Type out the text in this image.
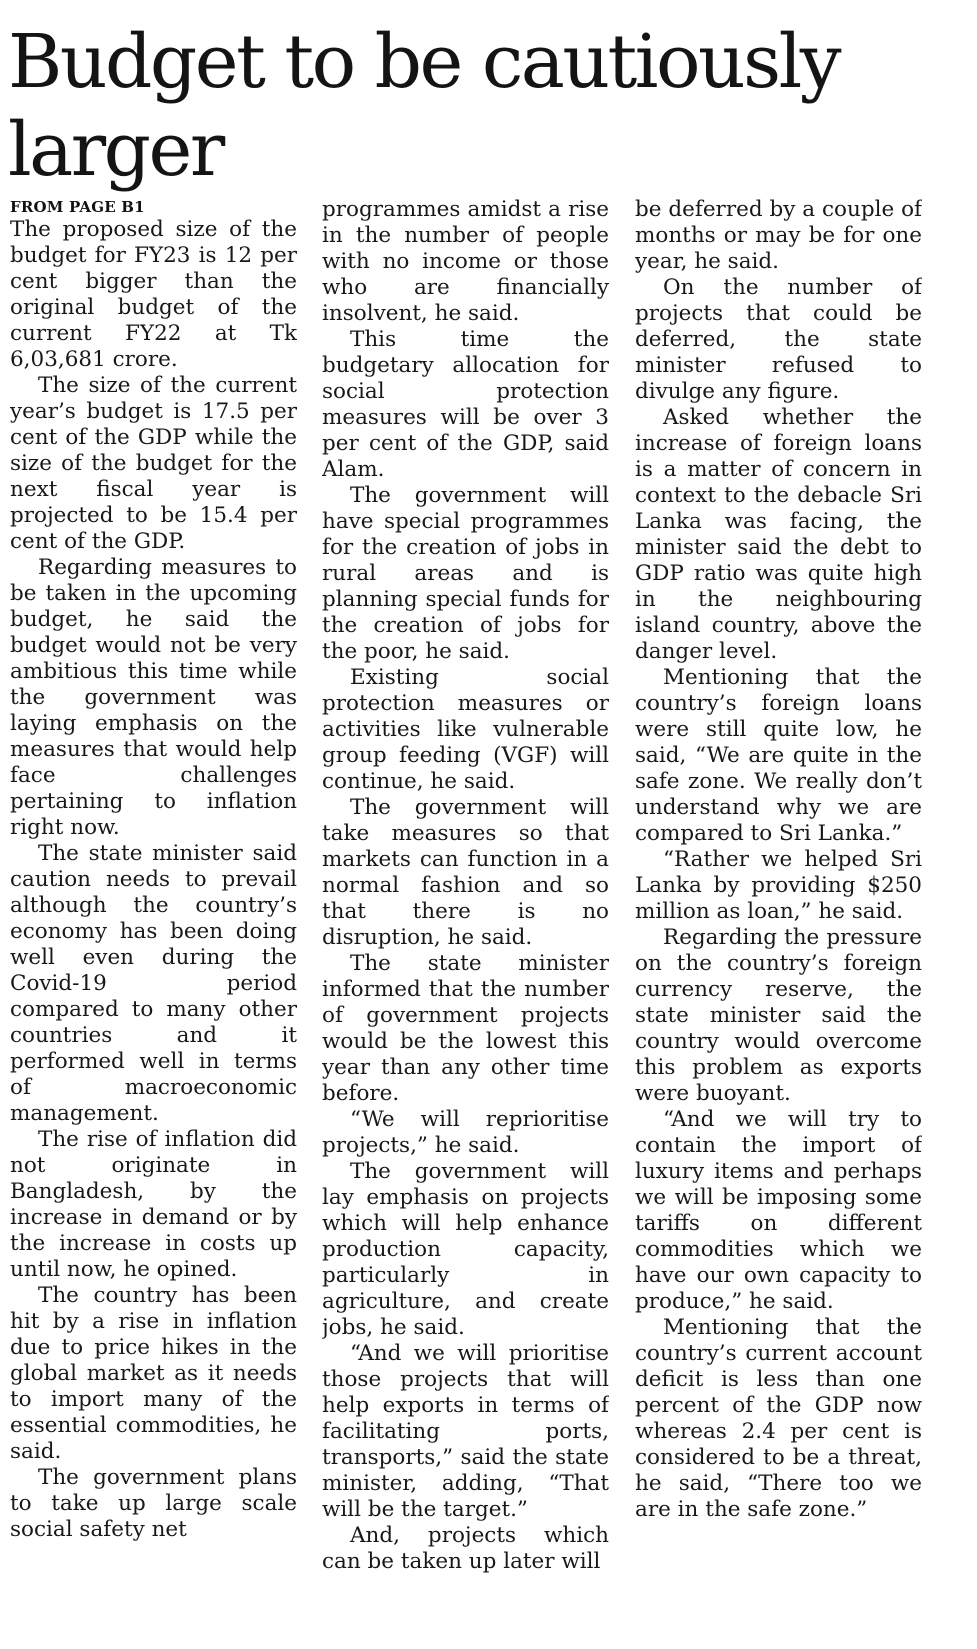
Budget to be cautiously larger
FROM PAGE B1

The proposed size of the budget for FY23 is 12 per cent bigger than the original budget of the current FY22 at Tk 6,03,681 crore.

The size of the current year’s budget is 17.5 per cent of the GDP while the size of the budget for the next fiscal year is projected to be 15.4 per cent of the GDP.

Regarding measures to be taken in the upcoming budget, he said the budget would not be very ambitious this time while the government was laying emphasis on the measures that would help face challenges pertaining to inflation right now.

The state minister said caution needs to prevail although the country’s economy has been doing well even during the Covid-19 period compared to many other countries and it performed well in terms of macroeconomic management.

The rise of inflation did not originate in Bangladesh, by the increase in demand or by the increase in costs up until now, he opined.

The country has been hit by a rise in inflation due to price hikes in the global market as it needs to import many of the essential commodities, he said.

The government plans to take up large scale social safety net

programmes amidst a rise in the number of people with no income or those who are financially insolvent, he said.

This time the budgetary allocation for social protection measures will be over 3 per cent of the GDP, said Alam.

The government will have special programmes for the creation of jobs in rural areas and is planning special funds for the creation of jobs for the poor, he said.

Existing social protection measures or activities like vulnerable group feeding (VGF) will continue, he said.

The government will take measures so that markets can function in a normal fashion and so that there is no disruption, he said.

The state minister informed that the number of government projects would be the lowest this year than any other time before.

“We will reprioritise projects,” he said.

The government will lay emphasis on projects which will help enhance production capacity, particularly in agriculture, and create jobs, he said.

“And we will prioritise those projects that will help exports in terms of facilitating ports, transports,” said the state minister, adding, “That will be the target.”

And, projects which can be taken up later will

be deferred by a couple of months or may be for one year, he said.

On the number of projects that could be deferred, the state minister refused to divulge any figure.

Asked whether the increase of foreign loans is a matter of concern in context to the debacle Sri Lanka was facing, the minister said the debt to GDP ratio was quite high in the neighbouring island country, above the danger level.

Mentioning that the country’s foreign loans were still quite low, he said, “We are quite in the safe zone. We really don’t understand why we are compared to Sri Lanka.”

“Rather we helped Sri Lanka by providing $250 million as loan,” he said.

Regarding the pressure on the country’s foreign currency reserve, the state minister said the country would overcome this problem as exports were buoyant.

“And we will try to contain the import of luxury items and perhaps we will be imposing some tariffs on different commodities which we have our own capacity to produce,” he said.

Mentioning that the country’s current account deficit is less than one percent of the GDP now whereas 2.4 per cent is considered to be a threat, he said, “There too we are in the safe zone.”
